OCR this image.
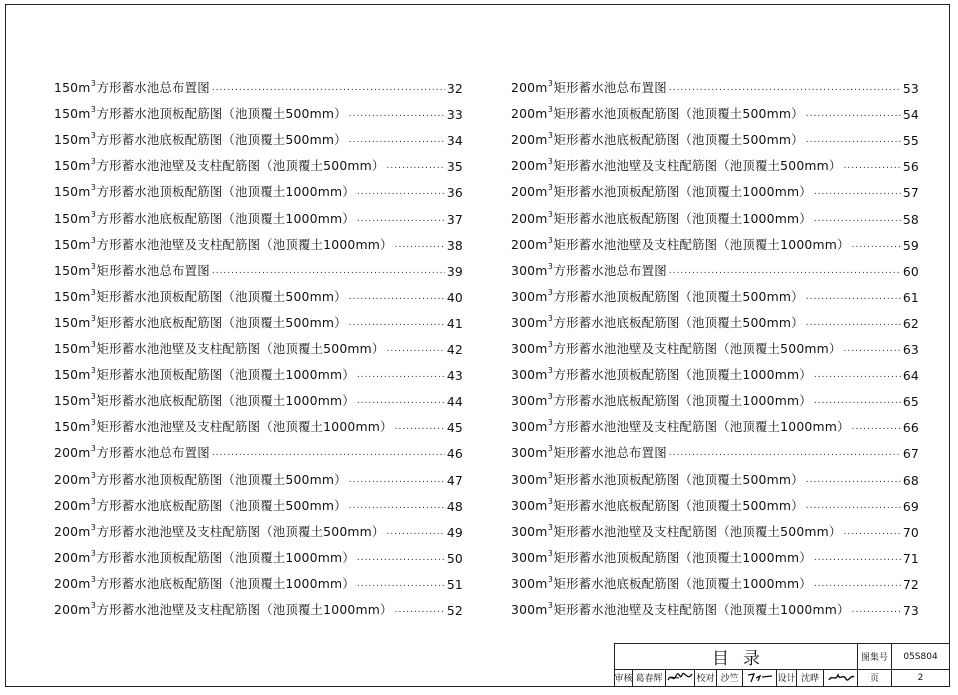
$150m^3$方形蓄水池总布置图 .....	32
$150m^3$方形蓄水池顶板配筋图（池顶覆土500mm） .....	33
$150m^3$方形蓄水池底板配筋图（池顶覆土500mm） .....	34
$150m^3$方形蓄水池池壁及支柱配筋图（池顶覆土500mm） .....	35
$150m^3$方形蓄水池顶板配筋图（池顶覆土1000mm） .....	36
$150m^3$方形蓄水池底板配筋图（池顶覆土1000mm） .....	37
$150m^3$方形蓄水池池壁及支柱配筋图（池顶覆土1000mm） .....	38
$150m^3$矩形蓄水池总布置图 .....	39
$150m^3$矩形蓄水池顶板配筋图（池顶覆土500mm） .....	40
$150m^3$矩形蓄水池底板配筋图（池顶覆土500mm） .....	41
$150m^3$矩形蓄水池池壁及支柱配筋图（池顶覆土500mm） .....	42
$150m^3$矩形蓄水池顶板配筋图（池顶覆土1000mm） .....	43
$150m^3$矩形蓄水池底板配筋图（池顶覆土1000mm） .....	44
$150m^3$矩形蓄水池池壁及支柱配筋图（池顶覆土1000mm） .....	45
$200m^3$方形蓄水池总布置图 .....	46
$200m^3$方形蓄水池顶板配筋图（池顶覆土500mm） .....	47
$200m^3$方形蓄水池底板配筋图（池顶覆土500mm） .....	48
$200m^3$方形蓄水池池壁及支柱配筋图（池顶覆土500mm） .....	49
$200m^3$方形蓄水池顶板配筋图（池顶覆土1000mm） .....	50
$200m^3$方形蓄水池底板配筋图（池顶覆土1000mm） .....	51
$200m^3$方形蓄水池池壁及支柱配筋图（池顶覆土1000mm） .....	52
$200m^3$矩形蓄水池总布置图 .....	53
$200m^3$矩形蓄水池顶板配筋图（池顶覆土500mm） .....	54
$200m^3$矩形蓄水池底板配筋图（池顶覆土500mm） .....	55
$200m^3$矩形蓄水池池壁及支柱配筋图（池顶覆土500mm） .....	56
$200m^3$矩形蓄水池顶板配筋图（池顶覆土1000mm） .....	57
$200m^3$矩形蓄水池底板配筋图（池顶覆土1000mm） .....	58
$200m^3$矩形蓄水池池壁及支柱配筋图（池顶覆土1000mm） .....	59
$300m^3$方形蓄水池总布置图 .....	60
$300m^3$方形蓄水池顶板配筋图（池顶覆土500mm） .....	61
$300m^3$方形蓄水池底板配筋图（池顶覆土500mm） .....	62
$300m^3$方形蓄水池池壁及支柱配筋图（池顶覆土500mm） .....	63
$300m^3$方形蓄水池顶板配筋图（池顶覆土1000mm） .....	64
$300m^3$方形蓄水池底板配筋图（池顶覆土1000mm） .....	65
$300m^3$方形蓄水池池壁及支柱配筋图（池顶覆土1000mm） .....	66
$300m^3$矩形蓄水池总布置图 .....	67
$300m^3$矩形蓄水池顶板配筋图（池顶覆土500mm） .....	68
$300m^3$矩形蓄水池底板配筋图（池顶覆土500mm） .....	69
$300m^3$矩形蓄水池池壁及支柱配筋图（池顶覆土500mm） .....	70
$300m^3$矩形蓄水池顶板配筋图（池顶覆土1000mm） .....	71
$300m^3$矩形蓄水池底板配筋图（池顶覆土1000mm） .....	72
$300m^3$矩形蓄水池池壁及支柱配筋图（池顶覆土1000mm） .....	73
目录	图集号	05S804
审核 葛春辉	校对 沙竺	设计 沈晔	页	2
